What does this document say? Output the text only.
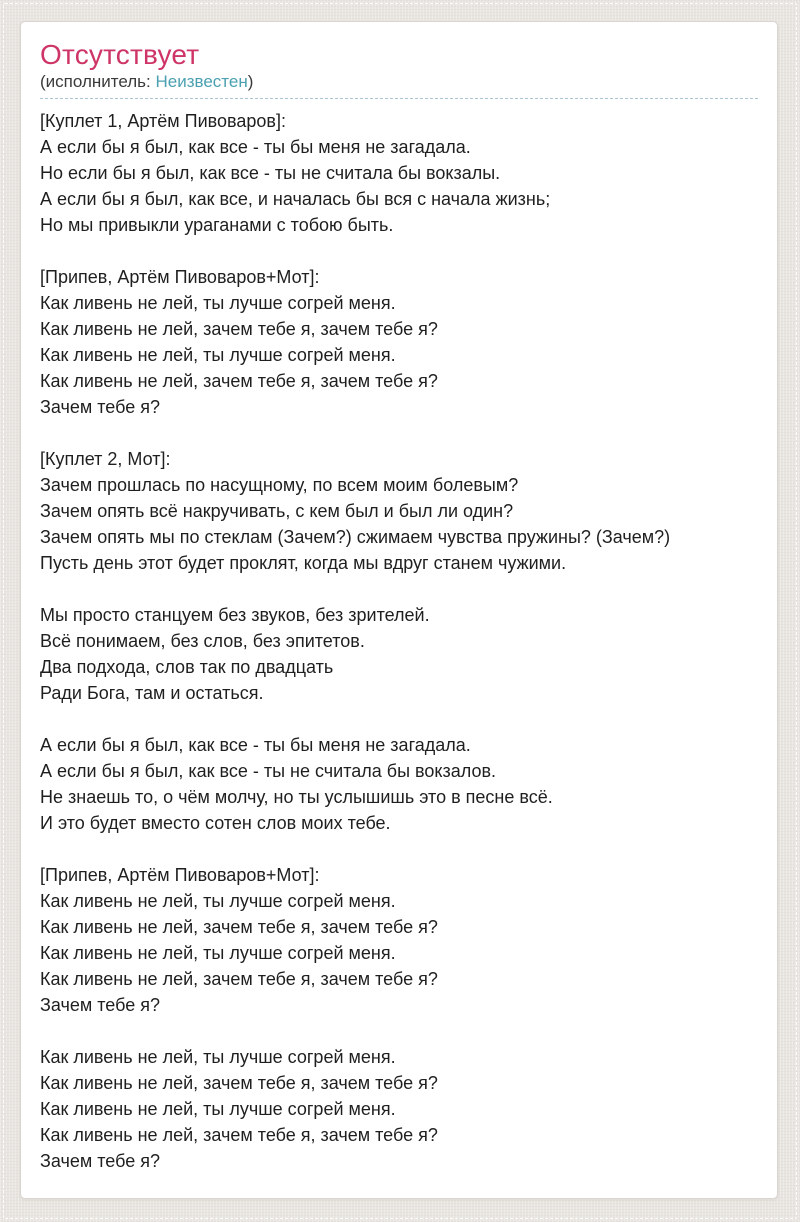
Отсутствует
(исполнитель: Неизвестен)

[Куплет 1, Артём Пивоваров]:
А если бы я был, как все - ты бы меня не загадала.
Но если бы я был, как все - ты не считала бы вокзалы.
А если бы я был, как все, и началась бы вся с начала жизнь;
Но мы привыкли ураганами с тобою быть.

[Припев, Артём Пивоваров+Мот]:
Как ливень не лей, ты лучше согрей меня.
Как ливень не лей, зачем тебе я, зачем тебе я?
Как ливень не лей, ты лучше согрей меня.
Как ливень не лей, зачем тебе я, зачем тебе я?
Зачем тебе я?

[Куплет 2, Мот]:
Зачем прошлась по насущному, по всем моим болевым?
Зачем опять всё накручивать, с кем был и был ли один?
Зачем опять мы по стеклам (Зачем?) сжимаем чувства пружины? (Зачем?)
Пусть день этот будет проклят, когда мы вдруг станем чужими.

Мы просто станцуем без звуков, без зрителей.
Всё понимаем, без слов, без эпитетов.
Два подхода, слов так по двадцать
Ради Бога, там и остаться.

А если бы я был, как все - ты бы меня не загадала.
А если бы я был, как все - ты не считала бы вокзалов.
Не знаешь то, о чём молчу, но ты услышишь это в песне всё.
И это будет вместо сотен слов моих тебе.

[Припев, Артём Пивоваров+Мот]:
Как ливень не лей, ты лучше согрей меня.
Как ливень не лей, зачем тебе я, зачем тебе я?
Как ливень не лей, ты лучше согрей меня.
Как ливень не лей, зачем тебе я, зачем тебе я?
Зачем тебе я?

Как ливень не лей, ты лучше согрей меня.
Как ливень не лей, зачем тебе я, зачем тебе я?
Как ливень не лей, ты лучше согрей меня.
Как ливень не лей, зачем тебе я, зачем тебе я?
Зачем тебе я?
